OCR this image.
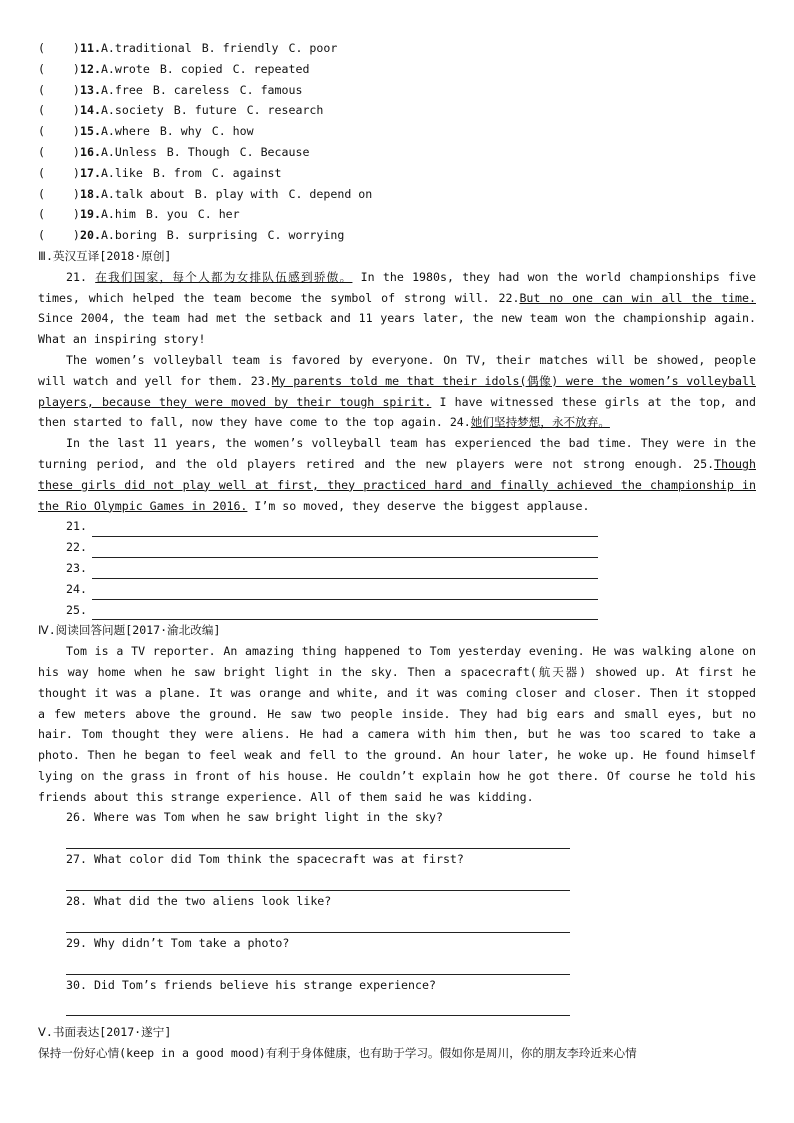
(    )11.A.traditional B. friendly C. poor
(    )12.A.wrote B. copied C. repeated
(    )13.A.free B. careless C. famous
(    )14.A.society B. future C. research
(    )15.A.where B. why C. how
(    )16.A.Unless B. Though C. Because
(    )17.A.like B. from C. against
(    )18.A.talk about B. play with C. depend on
(    )19.A.him B. you C. her
(    )20.A.boring B. surprising C. worrying
Ⅲ.英汉互译[2018·原创]

21. 在我们国家，每个人都为女排队伍感到骄傲。 In the 1980s, they had won the world championships five times, which helped the team become the symbol of strong will. 22.But no one can win all the time. Since 2004, the team had met the setback and 11 years later, the new team won the championship again. What an inspiring story!

The women’s volleyball team is favored by everyone. On TV, their matches will be showed, people will watch and yell for them. 23.My parents told me that their idols(偶像) were the women’s volleyball players, because they were moved by their tough spirit. I have witnessed these girls at the top, and then started to fall, now they have come to the top again. 24.她们坚持梦想，永不放弃。

In the last 11 years, the women’s volleyball team has experienced the bad time. They were in the turning period, and the old players retired and the new players were not strong enough. 25.Though these girls did not play well at first, they practiced hard and finally achieved the championship in the Rio Olympic Games in 2016. I’m so moved, they deserve the biggest applause.

21.
22.
23.
24.
25.
Ⅳ.阅读回答问题[2017·渝北改编]

Tom is a TV reporter. An amazing thing happened to Tom yesterday evening. He was walking alone on his way home when he saw bright light in the sky. Then a spacecraft(航天器) showed up. At first he thought it was a plane. It was orange and white, and it was coming closer and closer. Then it stopped a few meters above the ground. He saw two people inside. They had big ears and small eyes, but no hair. Tom thought they were aliens. He had a camera with him then, but he was too scared to take a photo. Then he began to feel weak and fell to the ground. An hour later, he woke up. He found himself lying on the grass in front of his house. He couldn’t explain how he got there. Of course he told his friends about this strange experience. All of them said he was kidding.

26. Where was Tom when he saw bright light in the sky?
27. What color did Tom think the spacecraft was at first?
28. What did the two aliens look like?
29. Why didn’t Tom take a photo?
30. Did Tom’s friends believe his strange experience?
Ⅴ.书面表达[2017·遂宁]

保持一份好心情(keep in a good mood)有利于身体健康，也有助于学习。假如你是周川，你的朋友李玲近来心情
